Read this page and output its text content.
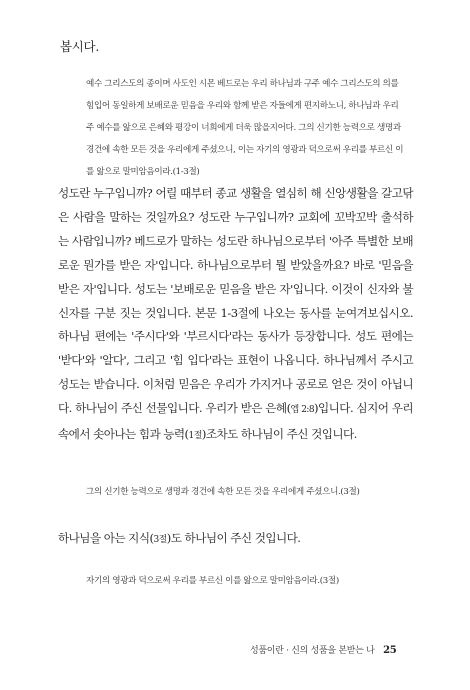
봅시다.

예수 그리스도의 종이며 사도인 시몬 베드로는 우리 하나님과 구주 예수 그리스도의 의를 힘입어 동일하게 보배로운 믿음을 우리와 함께 받은 자들에게 편지하노니, 하나님과 우리 주 예수를 앎으로 은혜와 평강이 너희에게 더욱 많을지어다. 그의 신기한 능력으로 생명과 경건에 속한 모든 것을 우리에게 주셨으니, 이는 자기의 영광과 덕으로써 우리를 부르신 이를 앎으로 말미암음이라.(1-3절)

성도란 누구입니까? 어릴 때부터 종교 생활을 열심히 해 신앙생활을 갈고닦은 사람을 말하는 것일까요? 성도란 누구입니까? 교회에 꼬박꼬박 출석하는 사람입니까? 베드로가 말하는 성도란 하나님으로부터 '아주 특별한 보배로운 뭔가를 받은 자'입니다. 하나님으로부터 뭘 받았을까요? 바로 '믿음을 받은 자'입니다. 성도는 '보배로운 믿음을 받은 자'입니다. 이것이 신자와 불신자를 구분 짓는 것입니다. 본문 1-3절에 나오는 동사를 눈여겨보십시오. 하나님 편에는 '주시다'와 '부르시다'라는 동사가 등장합니다. 성도 편에는 '받다'와 '알다', 그리고 '힘 입다'라는 표현이 나옵니다. 하나님께서 주시고 성도는 받습니다. 이처럼 믿음은 우리가 가지거나 공로로 얻은 것이 아닙니다. 하나님이 주신 선물입니다. 우리가 받은 은혜(엡 2:8)입니다. 심지어 우리 속에서 솟아나는 힘과 능력(1절)조차도 하나님이 주신 것입니다.

그의 신기한 능력으로 생명과 경건에 속한 모든 것을 우리에게 주셨으니.(3절)

하나님을 아는 지식(3절)도 하나님이 주신 것입니다.

자기의 영광과 덕으로써 우리를 부르신 이를 앎으로 말미암음이라.(3절)

성품이란 · 신의 성품을 본받는 나 25
